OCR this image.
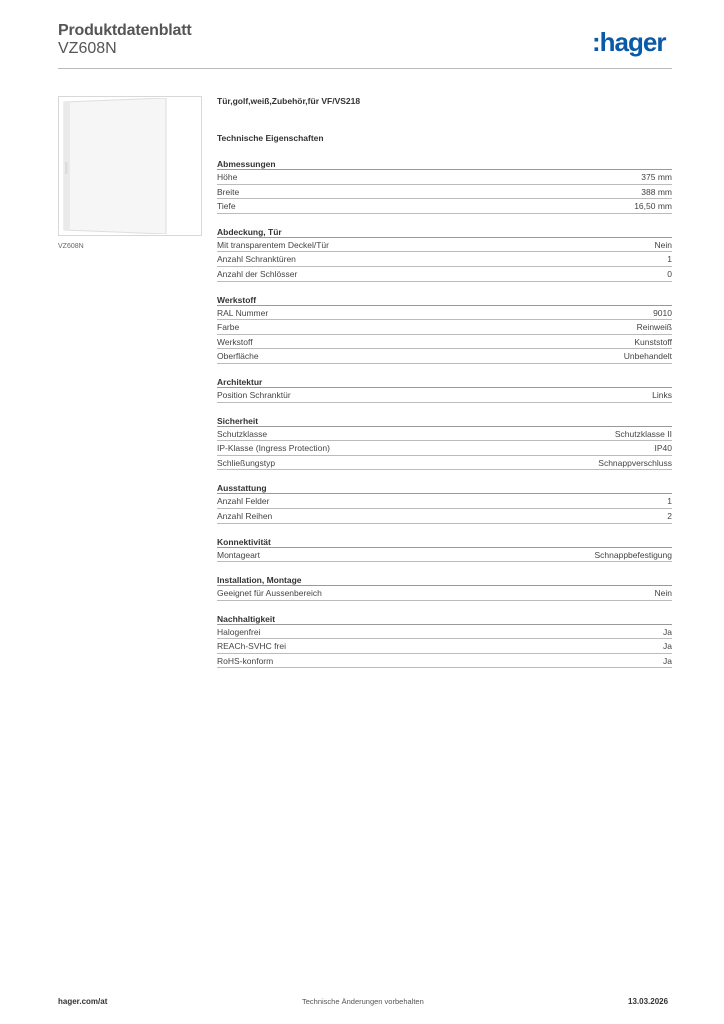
Produktdatenblatt
VZ608N	:hager
VZ608N
Tür,golf,weiß,Zubehör,für VF/VS218
Technische Eigenschaften
Abmessungen
Höhe	375 mm
Breite	388 mm
Tiefe	16,50 mm
Abdeckung, Tür
Mit transparentem Deckel/Tür	Nein
Anzahl Schranktüren	1
Anzahl der Schlösser	0
Werkstoff
RAL Nummer	9010
Farbe	Reinweiß
Werkstoff	Kunststoff
Oberfläche	Unbehandelt
Architektur
Position Schranktür	Links
Sicherheit
Schutzklasse	Schutzklasse II
IP-Klasse (Ingress Protection)	IP40
Schließungstyp	Schnappverschluss
Ausstattung
Anzahl Felder	1
Anzahl Reihen	2
Konnektivität
Montageart	Schnappbefestigung
Installation, Montage
Geeignet für Aussenbereich	Nein
Nachhaltigkeit
Halogenfrei	Ja
REACh-SVHC frei	Ja
RoHS-konform	Ja
hager.com/at	Technische Änderungen vorbehalten	13.03.2026
